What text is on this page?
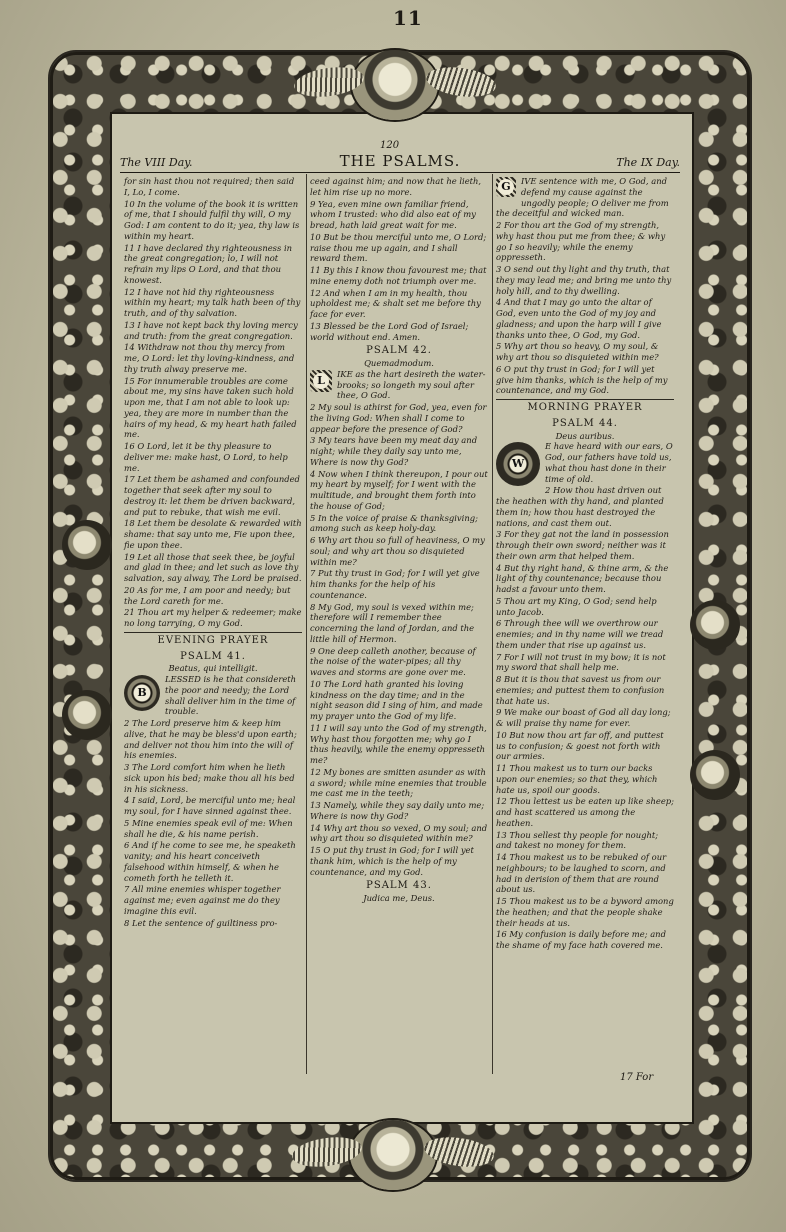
11
120
THE PSALMS.
The VIII Day.	The IX Day.

for sin hast thou not required; then said I, Lo, I come.

10 In the volume of the book it is written of me, that I should fulfil thy will, O my God: I am content to do it; yea, thy law is within my heart.

11 I have declared thy righteousness in the great congregation; lo, I will not refrain my lips O Lord, and that thou knowest.

12 I have not hid thy righteousness within my heart; my talk hath been of thy truth, and of thy salvation.

13 I have not kept back thy loving mercy and truth: from the great congregation.

14 Withdraw not thou thy mercy from me, O Lord: let thy loving-kindness, and thy truth alway preserve me.

15 For innumerable troubles are come about me, my sins have taken such hold upon me, that I am not able to look up: yea, they are more in number than the hairs of my head, & my heart hath failed me.

16 O Lord, let it be thy pleasure to deliver me: make hast, O Lord, to help me.

17 Let them be ashamed and confounded together that seek after my soul to destroy it: let them be driven backward, and put to rebuke, that wish me evil.

18 Let them be desolate & rewarded with shame: that say unto me, Fie upon thee, fie upon thee.

19 Let all those that seek thee, be joyful and glad in thee; and let such as love thy salvation, say alway, The Lord be praised.

20 As for me, I am poor and needy; but the Lord careth for me.

21 Thou art my helper & redeemer; make no long tarrying, O my God.

EVENING PRAYER
PSALM 41.
Beatus, qui intelligit.

B
LESSED is he that considereth the poor and needy; the Lord shall deliver him in the time of trouble.

2 The Lord preserve him & keep him alive, that he may be bless'd upon earth; and deliver not thou him into the will of his enemies.

3 The Lord comfort him when he lieth sick upon his bed; make thou all his bed in his sickness.

4 I said, Lord, be merciful unto me; heal my soul, for I have sinned against thee.

5 Mine enemies speak evil of me: When shall he die, & his name perish.

6 And if he come to see me, he speaketh vanity; and his heart conceiveth falsehood within himself, & when he cometh forth he telleth it.

7 All mine enemies whisper together against me; even against me do they imagine this evil.

8 Let the sentence of guiltiness pro-

ceed against him; and now that he lieth, let him rise up no more.

9 Yea, even mine own familiar friend, whom I trusted: who did also eat of my bread, hath laid great wait for me.

10 But be thou merciful unto me, O Lord; raise thou me up again, and I shall reward them.

11 By this I know thou favourest me; that mine enemy doth not triumph over me.

12 And when I am in my health, thou upholdest me; & shalt set me before thy face for ever.

13 Blessed be the Lord God of Israel; world without end. Amen.

PSALM 42.
Quemadmodum.

L	IKE as the hart desireth the water-brooks; so longeth my soul after thee, O God.

2 My soul is athirst for God, yea, even for the living God: When shall I come to appear before the presence of God?

3 My tears have been my meat day and night; while they daily say unto me, Where is now thy God?

4 Now when I think thereupon, I pour out my heart by myself; for I went with the multitude, and brought them forth into the house of God;

5 In the voice of praise & thanksgiving; among such as keep holy-day.

6 Why art thou so full of heaviness, O my soul; and why art thou so disquieted within me?

7 Put thy trust in God; for I will yet give him thanks for the help of his countenance.

8 My God, my soul is vexed within me; therefore will I remember thee concerning the land of Jordan, and the little hill of Hermon.

9 One deep calleth another, because of the noise of the water-pipes; all thy waves and storms are gone over me.

10 The Lord hath granted his loving kindness on the day time; and in the night season did I sing of him, and made my prayer unto the God of my life.

11 I will say unto the God of my strength, Why hast thou forgotten me; why go I thus heavily, while the enemy oppresseth me?

12 My bones are smitten asunder as with a sword; while mine enemies that trouble me cast me in the teeth;

13 Namely, while they say daily unto me; Where is now thy God?

14 Why art thou so vexed, O my soul; and why art thou so disquieted within me?

15 O put thy trust in God; for I will yet thank him, which is the help of my countenance, and my God.

PSALM 43.
Judica me, Deus.

G	IVE sentence with me, O God, and defend my cause against the ungodly people; O deliver me from the deceitful and wicked man.

2 For thou art the God of my strength, why hast thou put me from thee; & why go I so heavily; while the enemy oppresseth.

3 O send out thy light and thy truth, that they may lead me; and bring me unto thy holy hill, and to thy dwelling.

4 And that I may go unto the altar of God, even unto the God of my joy and gladness; and upon the harp will I give thanks unto thee, O God, my God.

5 Why art thou so heavy, O my soul, & why art thou so disquieted within me?

6 O put thy trust in God; for I will yet give him thanks, which is the help of my countenance, and my God.

MORNING PRAYER
PSALM 44.
Deus auribus.

W
E have heard with our ears, O God, our fathers have told us, what thou hast done in their time of old.

2 How thou hast driven out the heathen with thy hand, and planted them in; how thou hast destroyed the nations, and cast them out.

3 For they gat not the land in possession through their own sword; neither was it their own arm that helped them.

4 But thy right hand, & thine arm, & the light of thy countenance; because thou hadst a favour unto them.

5 Thou art my King, O God; send help unto Jacob.

6 Through thee will we overthrow our enemies; and in thy name will we tread them under that rise up against us.

7 For I will not trust in my bow; it is not my sword that shall help me.

8 But it is thou that savest us from our enemies; and puttest them to confusion that hate us.

9 We make our boast of God all day long; & will praise thy name for ever.

10 But now thou art far off, and puttest us to confusion; & goest not forth with our armies.

11 Thou makest us to turn our backs upon our enemies; so that they, which hate us, spoil our goods.

12 Thou lettest us be eaten up like sheep; and hast scattered us among the heathen.

13 Thou sellest thy people for nought; and takest no money for them.

14 Thou makest us to be rebuked of our neighbours; to be laughed to scorn, and had in derision of them that are round about us.

15 Thou makest us to be a byword among the heathen; and that the people shake their heads at us.

16 My confusion is daily before me; and the shame of my face hath covered me.

17 For
